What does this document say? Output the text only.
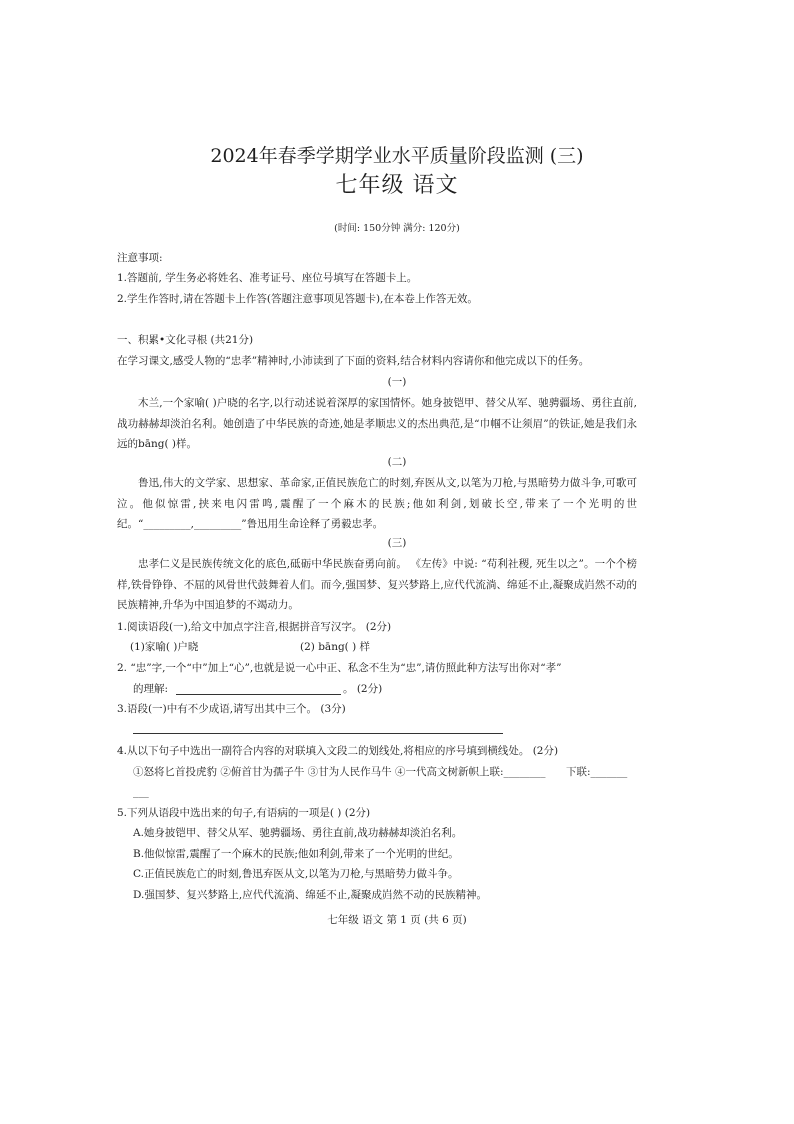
2024年春季学期学业水平质量阶段监测 (三)
七年级 语文
(时间: 150分钟 满分: 120分)
注意事项:
1.答题前, 学生务必将姓名、准考证号、座位号填写在答题卡上。
2.学生作答时,请在答题卡上作答(答题注意事项见答题卡),在本卷上作答无效。
一、积累•文化寻根 (共21分)
在学习课文,感受人物的“忠孝”精神时,小沛读到了下面的资料,结合材料内容请你和他完成以下的任务。
(一)

木兰,一个家喻( )户晓的名字,以行动述说着深厚的家国情怀。她身披铠甲、替父从军、驰骋疆场、勇往直前,战功赫赫却淡泊名利。她创造了中华民族的奇迹,她是孝顺忠义的杰出典范,是“巾帼不让须眉”的铁证,她是我们永远的bāng( )样。

(二)

鲁迅,伟大的文学家、思想家、革命家,正值民族危亡的时刻,弃医从文,以笔为刀枪,与黑暗势力做斗争,可歌可泣。他似惊雷,挟来电闪雷鸣,震醒了一个麻木的民族;他如利剑,划破长空,带来了一个光明的世纪。“_________,_________”鲁迅用生命诠释了勇毅忠孝。

(三)

忠孝仁义是民族传统文化的底色,砥砺中华民族奋勇向前。 《左传》中说: “苟利社稷, 死生以之”。一个个榜样,铁骨铮铮、不屈的风骨世代鼓舞着人们。而今,强国梦、复兴梦路上,应代代流淌、绵延不止,凝聚成岿然不动的民族精神,升华为中国追梦的不竭动力。

1.阅读语段(一),给文中加点字注音,根据拼音写汉字。 (2分)
(1)家喻( )户晓	(2) bāng( ) 样
2. “忠”字,一个“中”加上“心”,也就是说一心中正、私念不生为“忠”,请仿照此种方法写出你对“孝”
的理解:	。 (2分)
3.语段(一)中有不少成语,请写出其中三个。 (3分)
4.从以下句子中选出一副符合内容的对联填入文段二的划线处,将相应的序号填到横线处。 (2分)
①怒将匕首投虎豹 ②俯首甘为孺子牛 ③甘为人民作马牛 ④一代高文树新帜上联:________ 下联:_______
___
5.下列从语段中选出来的句子,有语病的一项是( ) (2分)
A.她身披铠甲、替父从军、驰骋疆场、勇往直前,战功赫赫却淡泊名利。
B.他似惊雷,震醒了一个麻木的民族;他如利剑,带来了一个光明的世纪。
C.正值民族危亡的时刻,鲁迅弃医从文,以笔为刀枪,与黑暗势力做斗争。
D.强国梦、复兴梦路上,应代代流淌、绵延不止,凝聚成岿然不动的民族精神。
七年级 语文 第 1 页 (共 6 页)
